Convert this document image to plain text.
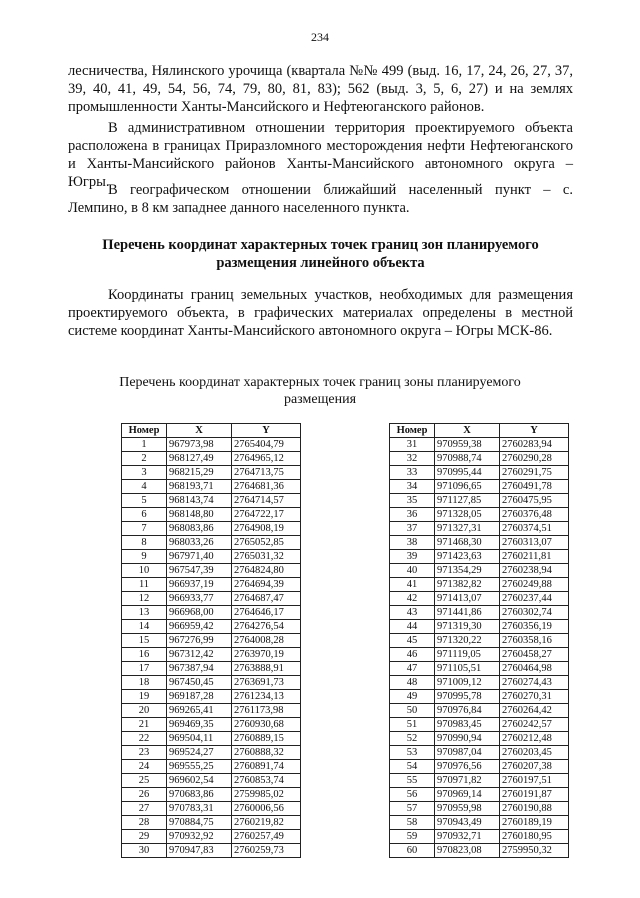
234

лесничества, Нялинского урочища (квартала №№ 499 (выд. 16, 17, 24, 26, 27, 37, 39, 40, 41, 49, 54, 56, 74, 79, 80, 81, 83); 562 (выд. 3, 5, 6, 27) и на землях промышленности Ханты-Мансийского и Нефтеюганского районов.

В административном отношении территория проектируемого объекта расположена в границах Приразломного месторождения нефти Нефтеюганского и Ханты-Мансийского районов Ханты-Мансийского автономного округа – Югры.

В географическом отношении ближайший населенный пункт – с. Лемпино, в 8 км западнее данного населенного пункта.

Перечень координат характерных точек границ зон планируемого размещения линейного объекта

Координаты границ земельных участков, необходимых для размещения проектируемого объекта, в графических материалах определены в местной системе координат Ханты-Мансийского автономного округа – Югры МСК-86.

Перечень координат характерных точек границ зоны планируемого размещения

Номер	X	Y
1	967973,98	2765404,79
2	968127,49	2764965,12
3	968215,29	2764713,75
4	968193,71	2764681,36
5	968143,74	2764714,57
6	968148,80	2764722,17
7	968083,86	2764908,19
8	968033,26	2765052,85
9	967971,40	2765031,32
10	967547,39	2764824,80
11	966937,19	2764694,39
12	966933,77	2764687,47
13	966968,00	2764646,17
14	966959,42	2764276,54
15	967276,99	2764008,28
16	967312,42	2763970,19
17	967387,94	2763888,91
18	967450,45	2763691,73
19	969187,28	2761234,13
20	969265,41	2761173,98
21	969469,35	2760930,68
22	969504,11	2760889,15
23	969524,27	2760888,32
24	969555,25	2760891,74
25	969602,54	2760853,74
26	970683,86	2759985,02
27	970783,31	2760006,56
28	970884,75	2760219,82
29	970932,92	2760257,49
30	970947,83	2760259,73
Номер	X	Y
31	970959,38	2760283,94
32	970988,74	2760290,28
33	970995,44	2760291,75
34	971096,65	2760491,78
35	971127,85	2760475,95
36	971328,05	2760376,48
37	971327,31	2760374,51
38	971468,30	2760313,07
39	971423,63	2760211,81
40	971354,29	2760238,94
41	971382,82	2760249,88
42	971413,07	2760237,44
43	971441,86	2760302,74
44	971319,30	2760356,19
45	971320,22	2760358,16
46	971119,05	2760458,27
47	971105,51	2760464,98
48	971009,12	2760274,43
49	970995,78	2760270,31
50	970976,84	2760264,42
51	970983,45	2760242,57
52	970990,94	2760212,48
53	970987,04	2760203,45
54	970976,56	2760207,38
55	970971,82	2760197,51
56	970969,14	2760191,87
57	970959,98	2760190,88
58	970943,49	2760189,19
59	970932,71	2760180,95
60	970823,08	2759950,32
